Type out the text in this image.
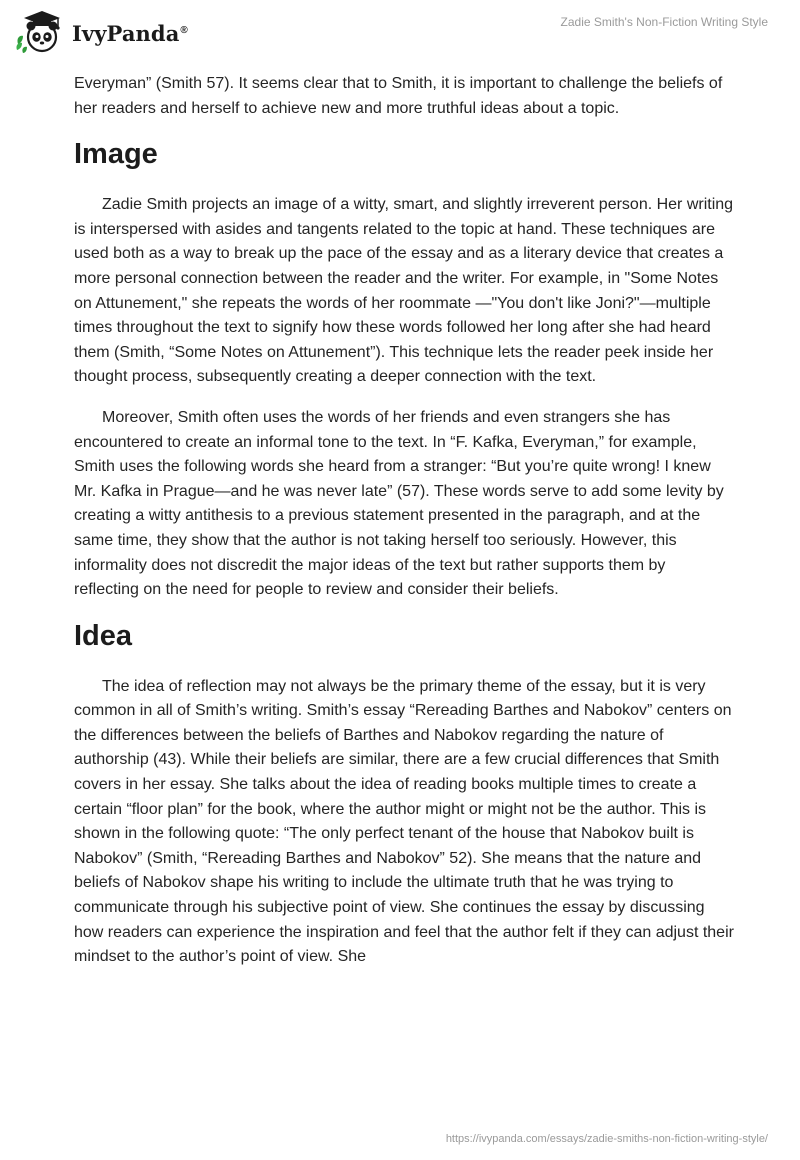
IvyPanda®
Zadie Smith's Non-Fiction Writing Style

Everyman” (Smith 57). It seems clear that to Smith, it is important to challenge the beliefs of her readers and herself to achieve new and more truthful ideas about a topic.

Image

Zadie Smith projects an image of a witty, smart, and slightly irreverent person. Her writing is interspersed with asides and tangents related to the topic at hand. These techniques are used both as a way to break up the pace of the essay and as a literary device that creates a more personal connection between the reader and the writer. For example, in "Some Notes on Attunement," she repeats the words of her roommate —"You don't like Joni?"—multiple times throughout the text to signify how these words followed her long after she had heard them (Smith, “Some Notes on Attunement”). This technique lets the reader peek inside her thought process, subsequently creating a deeper connection with the text.

Moreover, Smith often uses the words of her friends and even strangers she has encountered to create an informal tone to the text. In “F. Kafka, Everyman,” for example, Smith uses the following words she heard from a stranger: “But you’re quite wrong! I knew Mr. Kafka in Prague—and he was never late” (57). These words serve to add some levity by creating a witty antithesis to a previous statement presented in the paragraph, and at the same time, they show that the author is not taking herself too seriously. However, this informality does not discredit the major ideas of the text but rather supports them by reflecting on the need for people to review and consider their beliefs.

Idea

The idea of reflection may not always be the primary theme of the essay, but it is very common in all of Smith’s writing. Smith’s essay “Rereading Barthes and Nabokov” centers on the differences between the beliefs of Barthes and Nabokov regarding the nature of authorship (43). While their beliefs are similar, there are a few crucial differences that Smith covers in her essay. She talks about the idea of reading books multiple times to create a certain “floor plan” for the book, where the author might or might not be the author. This is shown in the following quote: “The only perfect tenant of the house that Nabokov built is Nabokov” (Smith, “Rereading Barthes and Nabokov” 52). She means that the nature and beliefs of Nabokov shape his writing to include the ultimate truth that he was trying to communicate through his subjective point of view. She continues the essay by discussing how readers can experience the inspiration and feel that the author felt if they can adjust their mindset to the author’s point of view. She

https://ivypanda.com/essays/zadie-smiths-non-fiction-writing-style/
